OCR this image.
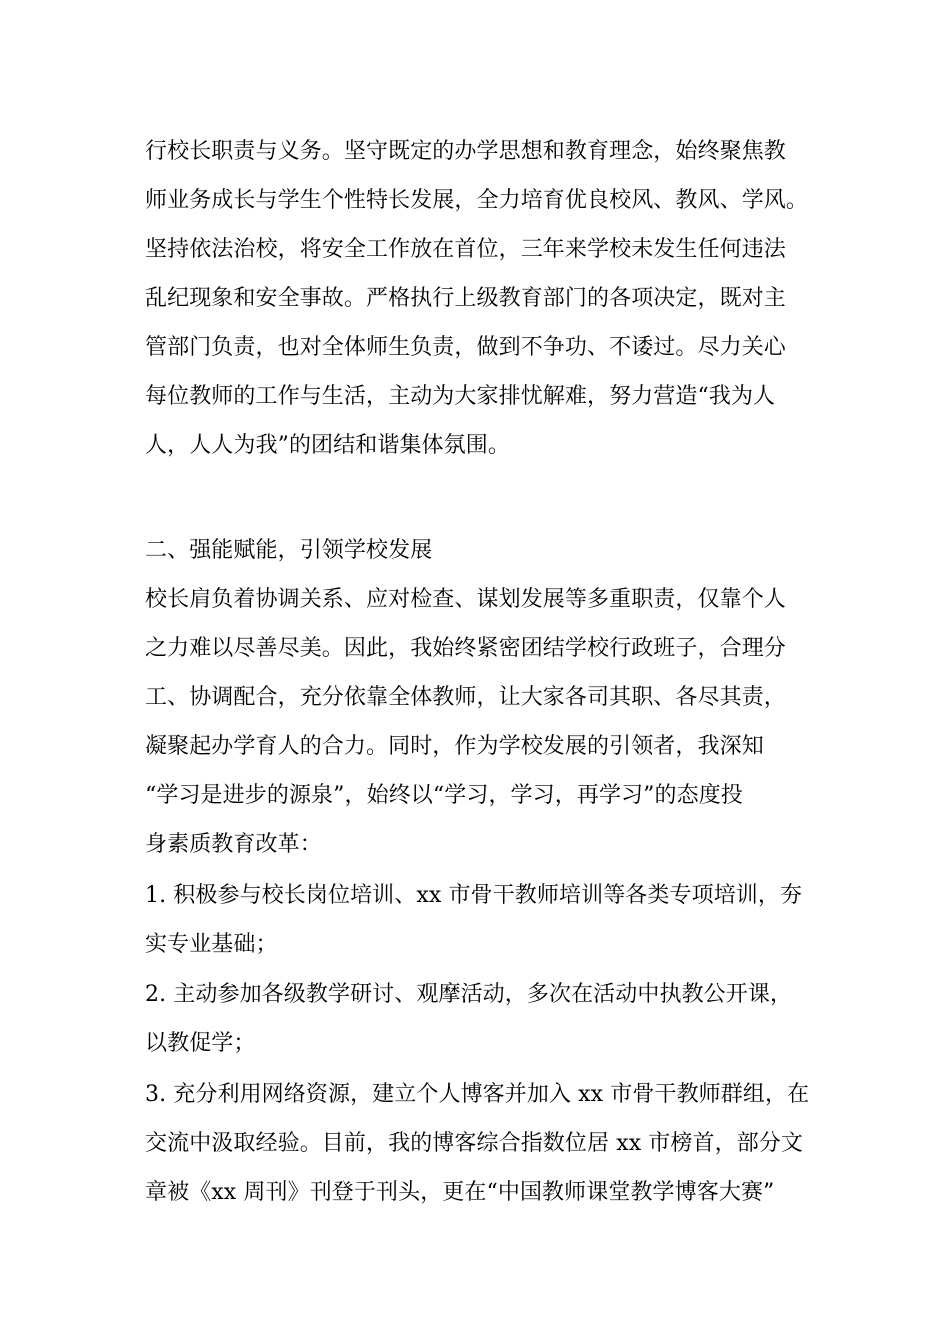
行校长职责与义务。坚守既定的办学思想和教育理念，始终聚焦教
师业务成长与学生个性特长发展，全力培育优良校风、教风、学风。
坚持依法治校，将安全工作放在首位，三年来学校未发生任何违法
乱纪现象和安全事故。严格执行上级教育部门的各项决定，既对主
管部门负责，也对全体师生负责，做到不争功、不诿过。尽力关心
每位教师的工作与生活，主动为大家排忧解难，努力营造“我为人
人，人人为我”的团结和谐集体氛围。
二、强能赋能，引领学校发展
校长肩负着协调关系、应对检查、谋划发展等多重职责，仅靠个人
之力难以尽善尽美。因此，我始终紧密团结学校行政班子，合理分
工、协调配合，充分依靠全体教师，让大家各司其职、各尽其责，
凝聚起办学育人的合力。同时，作为学校发展的引领者，我深知
“学习是进步的源泉”，始终以“学习，学习，再学习”的态度投
身素质教育改革：
1. 积极参与校长岗位培训、xx 市骨干教师培训等各类专项培训，夯
实专业基础；
2. 主动参加各级教学研讨、观摩活动，多次在活动中执教公开课，
以教促学；
3. 充分利用网络资源，建立个人博客并加入 xx 市骨干教师群组，在
交流中汲取经验。目前，我的博客综合指数位居 xx 市榜首，部分文
章被《xx 周刊》刊登于刊头，更在“中国教师课堂教学博客大赛”
